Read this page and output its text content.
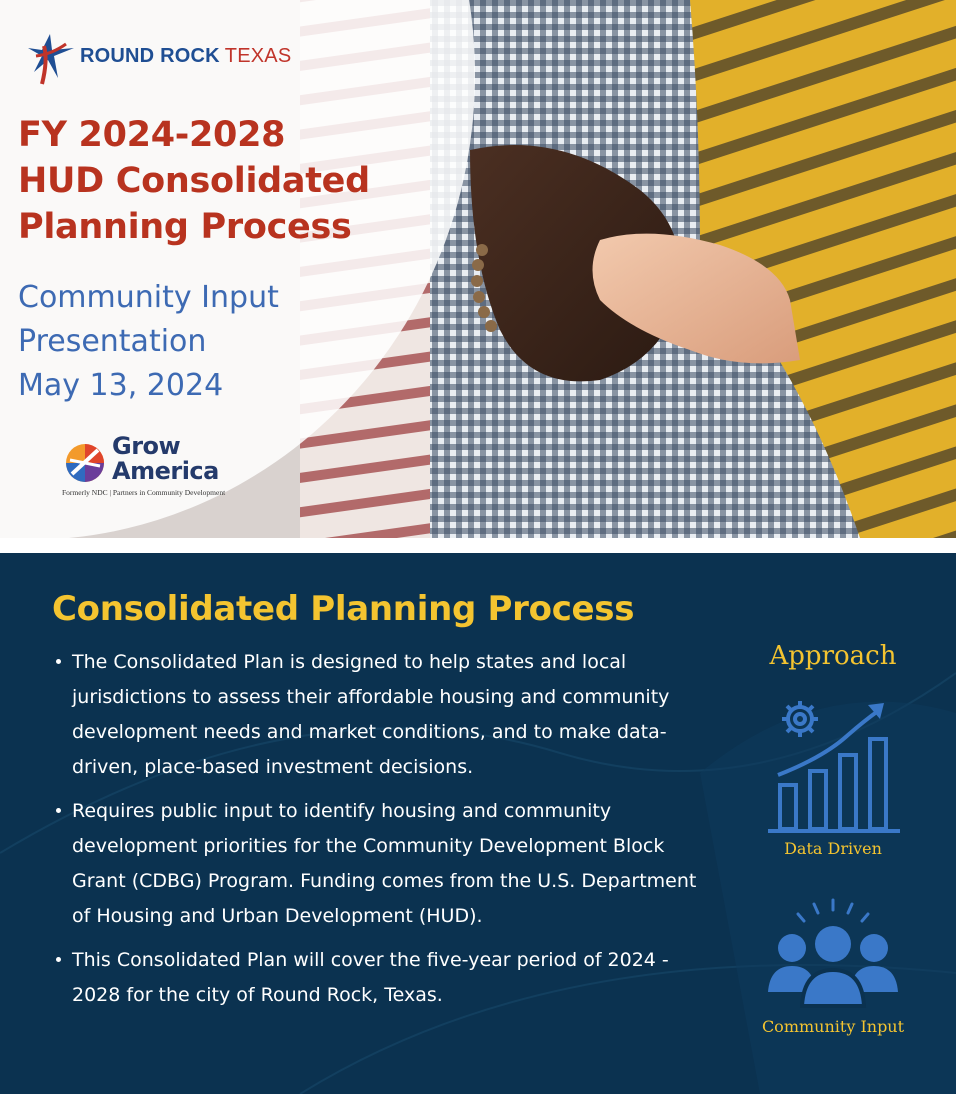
ROUND ROCK TEXAS
FY 2024-2028
HUD Consolidated
Planning Process

Community Input
Presentation
May 13, 2024

Grow
America
Formerly NDC | Partners in Community Development
Consolidated Planning Process
The Consolidated Plan is designed to help states and local jurisdictions to assess their affordable housing and community development needs and market conditions, and to make data-driven, place-based investment decisions.
Requires public input to identify housing and community development priorities for the Community Development Block Grant (CDBG) Program. Funding comes from the U.S. Department of Housing and Urban Development (HUD).
This Consolidated Plan will cover the five-year period of 2024 - 2028 for the city of Round Rock, Texas.
Approach
Data Driven
Community Input
